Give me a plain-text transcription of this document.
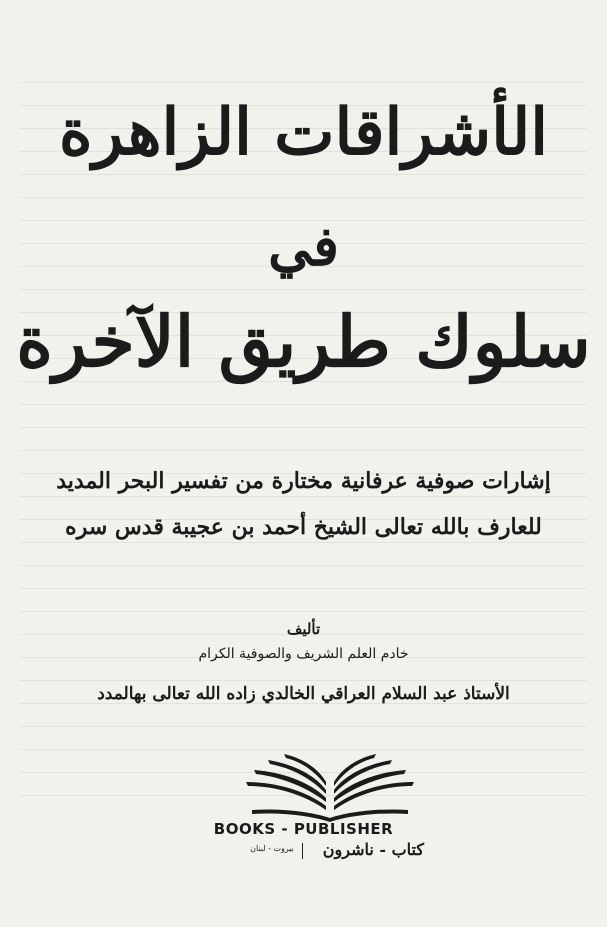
الأشراقات الزاهرة
في
سلوك طريق الآخرة
إشارات صوفية عرفانية مختارة من تفسير البحر المديد
للعارف بالله تعالى الشيخ أحمد بن عجيبة قدس سره
تأليف
خادم العلم الشريف والصوفية الكرام
الأستاذ عبد السلام العراقي الخالدي زاده الله تعالى بهالمدد
BOOKS - PUBLISHER
كتاب - ناشرون
بيروت - لبنان
